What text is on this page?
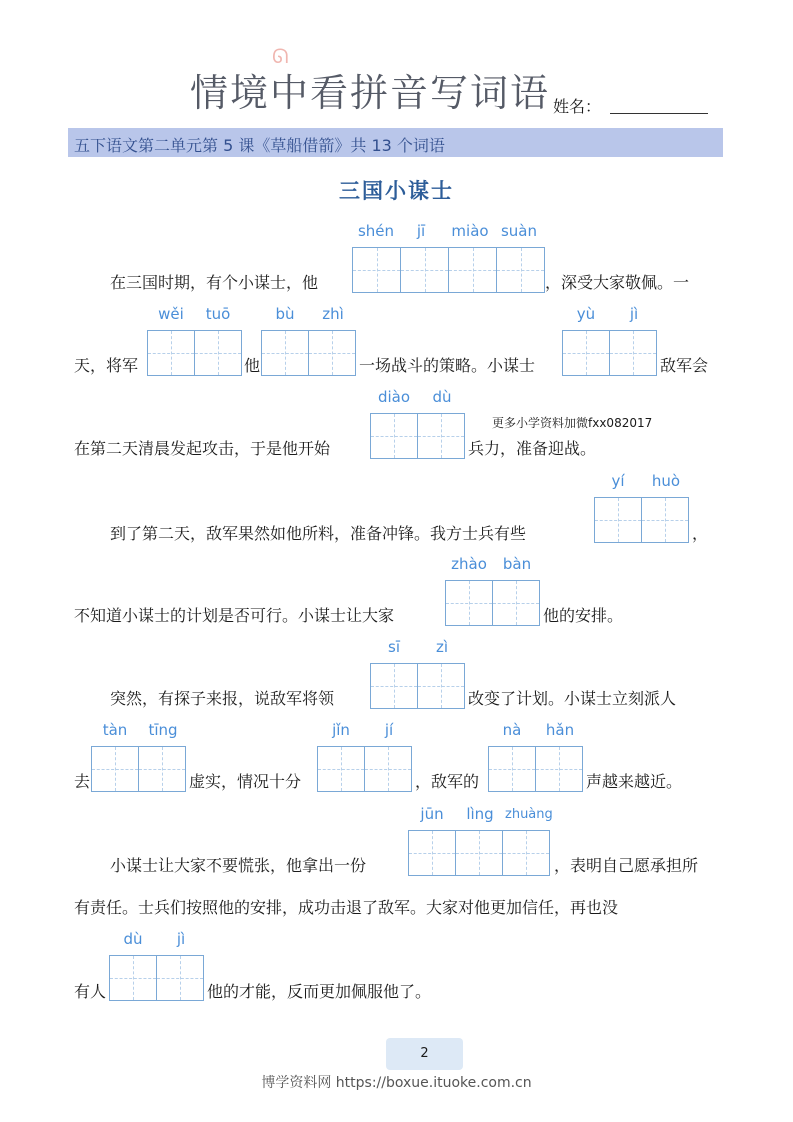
情境中看拼音写词语
ᘏ
姓名：
五下语文第二单元第 5 课《草船借箭》共 13 个词语
三国小谋士
在三国时期，有个小谋士，他
shén	jī	miào suàn
，深受大家敬佩。一
天，将军
wěi	tuō
他
bù	zhì
一场战斗的策略。小谋士
yù	jì
敌军会
diào	dù
更多小学资料加微fxx082017
在第二天清晨发起攻击，于是他开始	兵力，准备迎战。
到了第二天，敌军果然如他所料，准备冲锋。我方士兵有些
yí	huò
，
不知道小谋士的计划是否可行。小谋士让大家
zhào	bàn
他的安排。
突然，有探子来报，说敌军将领
sī	zì
改变了计划。小谋士立刻派人
去
tàn	tīng
虚实，情况十分
jǐn	jí
，敌军的
nà	hǎn
声越来越近。
小谋士让大家不要慌张，他拿出一份
jūn	lìng zhuàng
，表明自己愿承担所
有责任。士兵们按照他的安排，成功击退了敌军。大家对他更加信任，再也没
有人
dù	jì
他的才能，反而更加佩服他了。
2
博学资料网 https://boxue.ituoke.com.cn
